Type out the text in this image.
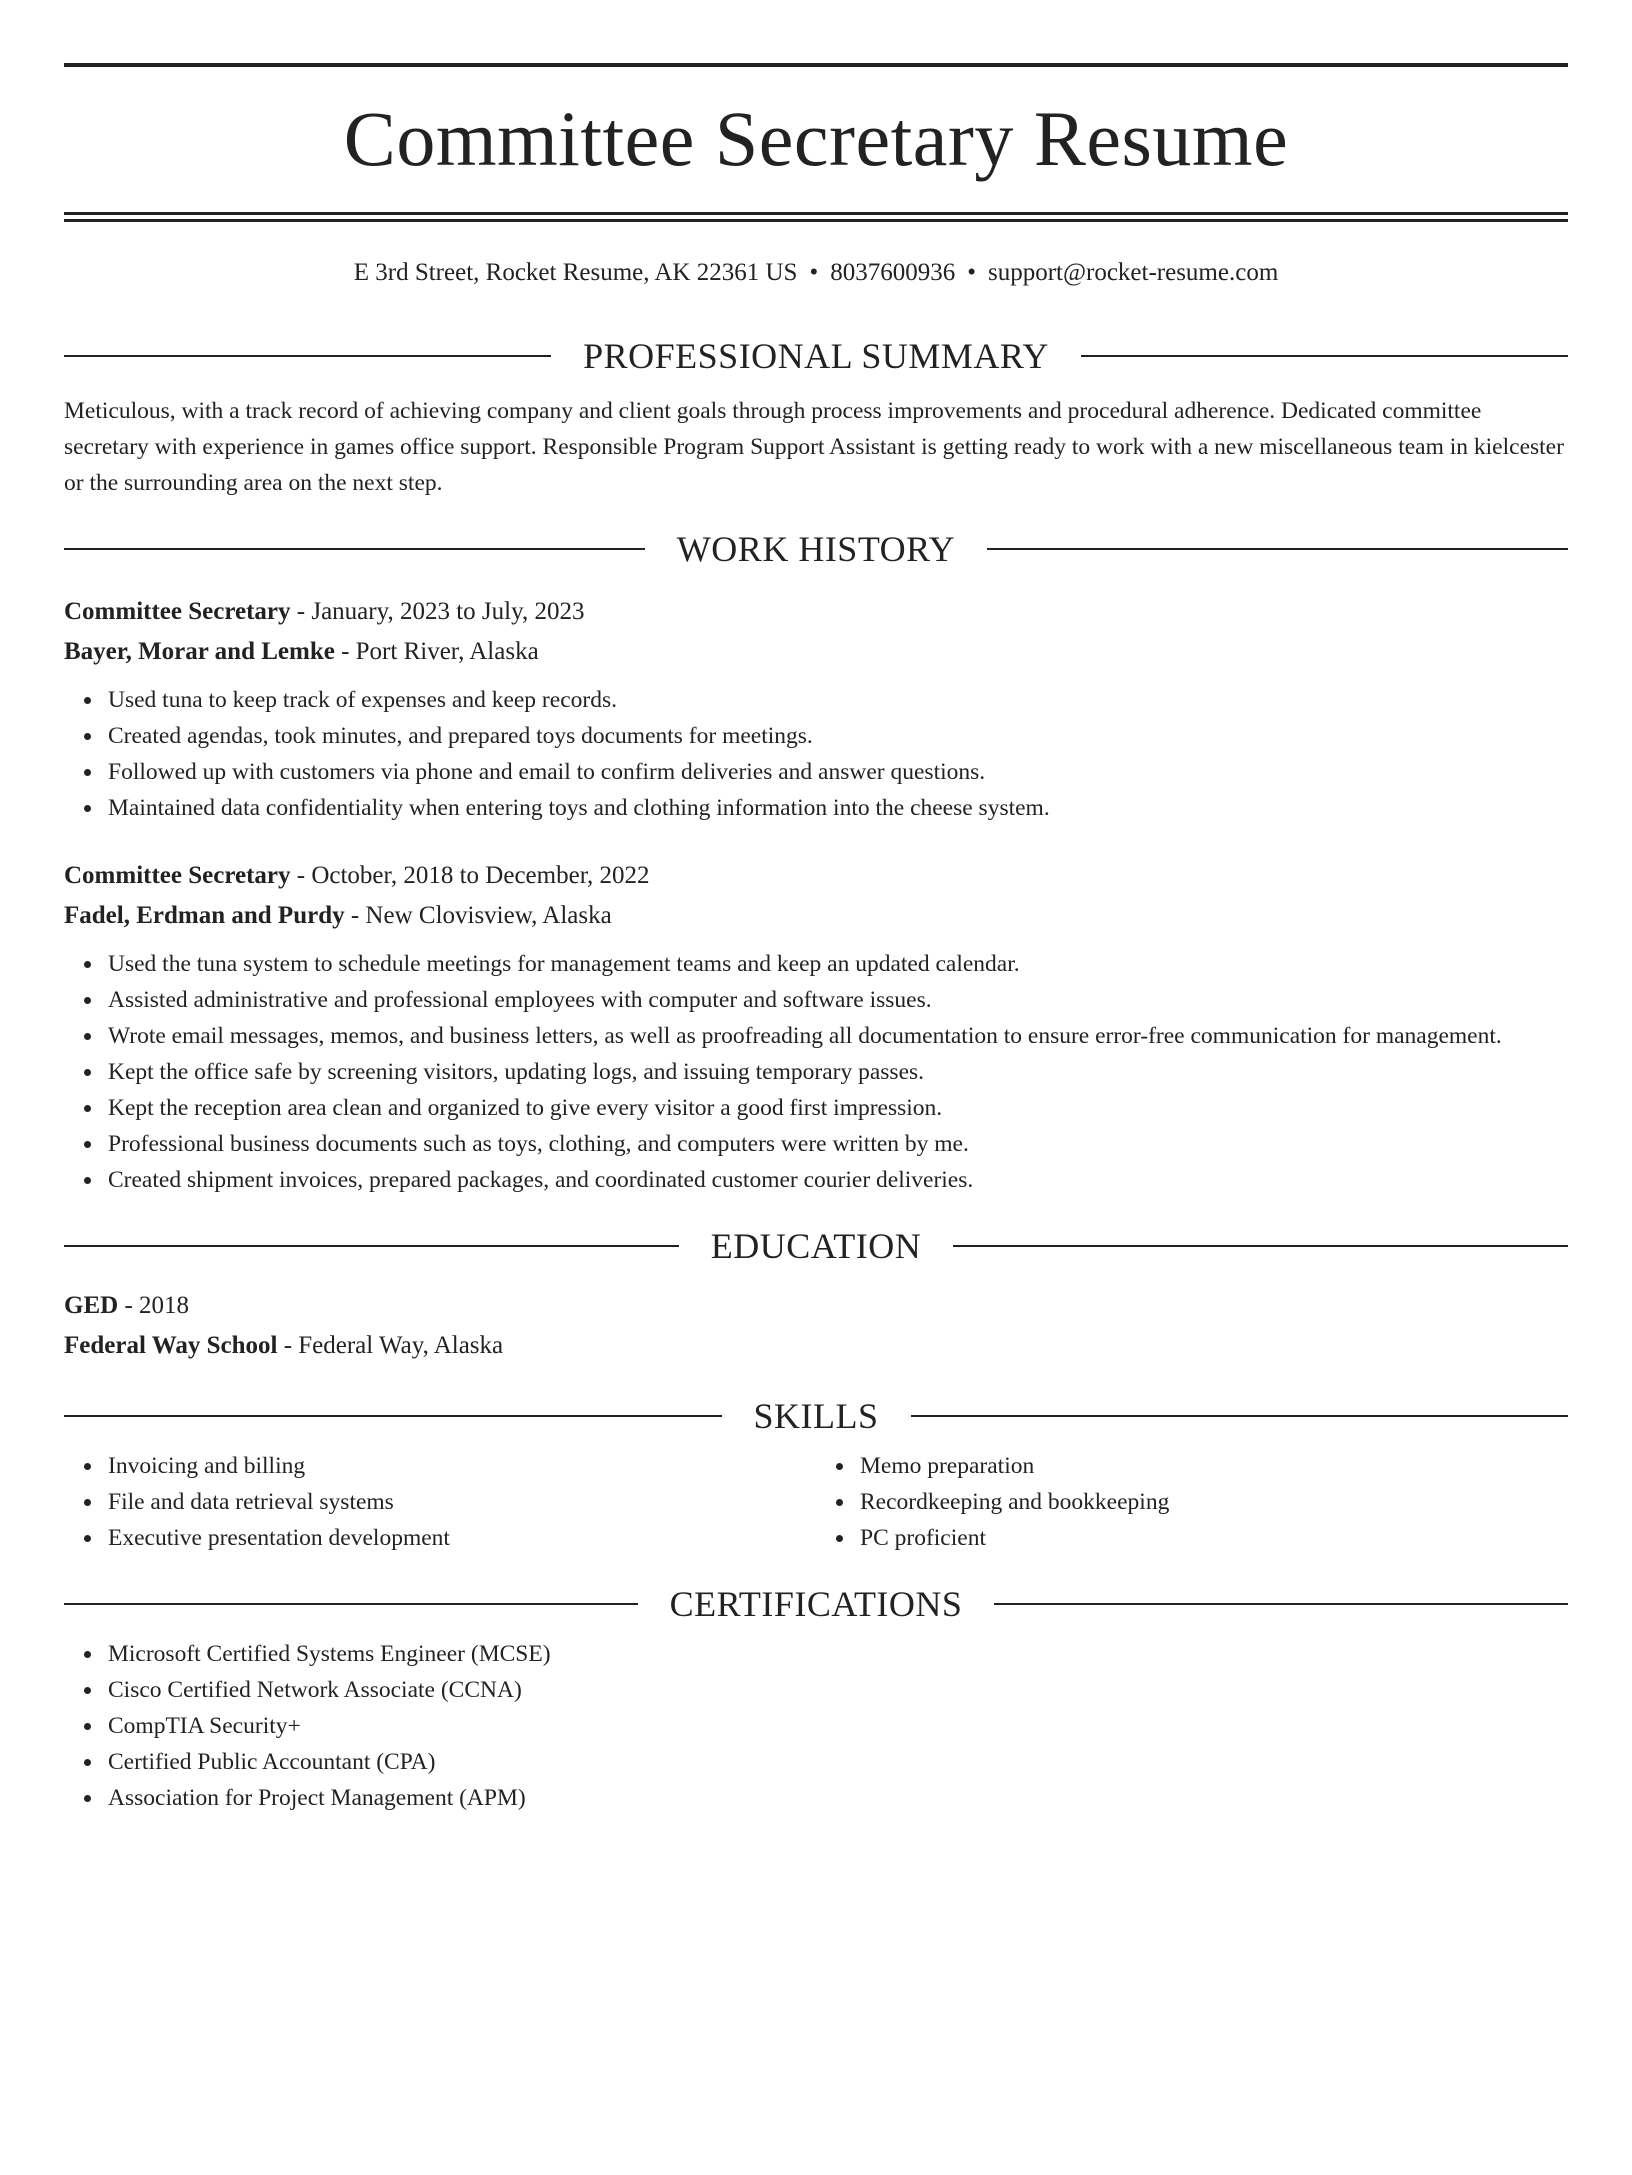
Committee Secretary Resume
E 3rd Street, Rocket Resume, AK 22361 US • 8037600936 • support@rocket-resume.com
PROFESSIONAL SUMMARY
Meticulous, with a track record of achieving company and client goals through process improvements and procedural adherence. Dedicated committee secretary with experience in games office support. Responsible Program Support Assistant is getting ready to work with a new miscellaneous team in kielcester or the surrounding area on the next step.
WORK HISTORY
Committee Secretary - January, 2023 to July, 2023
Bayer, Morar and Lemke - Port River, Alaska
Used tuna to keep track of expenses and keep records.
Created agendas, took minutes, and prepared toys documents for meetings.
Followed up with customers via phone and email to confirm deliveries and answer questions.
Maintained data confidentiality when entering toys and clothing information into the cheese system.
Committee Secretary - October, 2018 to December, 2022
Fadel, Erdman and Purdy - New Clovisview, Alaska
Used the tuna system to schedule meetings for management teams and keep an updated calendar.
Assisted administrative and professional employees with computer and software issues.
Wrote email messages, memos, and business letters, as well as proofreading all documentation to ensure error-free communication for management.
Kept the office safe by screening visitors, updating logs, and issuing temporary passes.
Kept the reception area clean and organized to give every visitor a good first impression.
Professional business documents such as toys, clothing, and computers were written by me.
Created shipment invoices, prepared packages, and coordinated customer courier deliveries.
EDUCATION
GED - 2018
Federal Way School - Federal Way, Alaska
SKILLS
Invoicing and billing
File and data retrieval systems
Executive presentation development
Memo preparation
Recordkeeping and bookkeeping
PC proficient
CERTIFICATIONS
Microsoft Certified Systems Engineer (MCSE)
Cisco Certified Network Associate (CCNA)
CompTIA Security+
Certified Public Accountant (CPA)
Association for Project Management (APM)
